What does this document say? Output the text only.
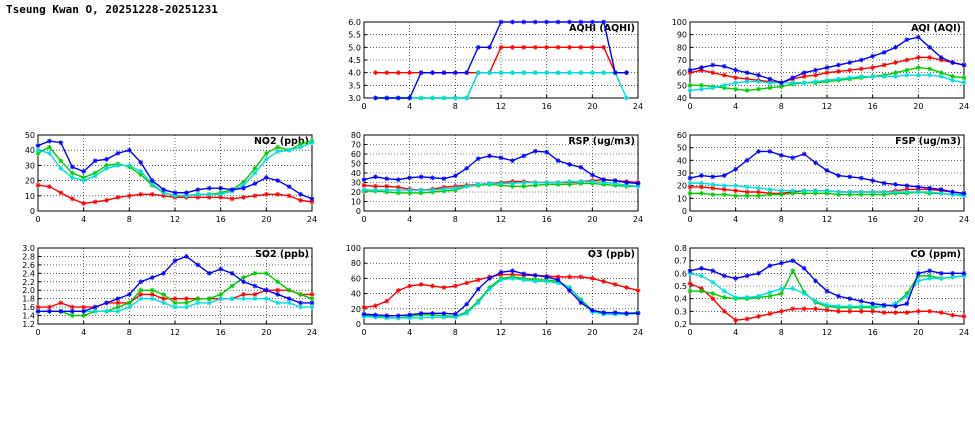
Tseung Kwan O, 20251228-20251231
0	4	8	12	16	20	24
0
10
20
30
40
50
NO2 (ppb)
0	4	8	12	16	20	24
1.2
1.4
1.6
1.8
2.0
2.2
2.4
2.6
2.8
3.0
SO2 (ppb)
0	4	8	12	16	20	24
3.0
3.5
4.0
4.5
5.0
5.5
6.0
AQHI (AQHI)
0	4	8	12	16	20	24
0
10
20
30
40
50
60
70
80
RSP (ug/m3)
0	4	8	12	16	20	24
0
20
40
60
80
100
O3 (ppb)
0	4	8	12	16	20	24
40
50
60
70
80
90
100
AQI (AQI)
0	4	8	12	16	20	24
0
10
20
30
40
50
60
FSP (ug/m3)
0	4	8	12	16	20	24
0.2
0.3
0.4
0.5
0.6
0.7
0.8
CO (ppm)
